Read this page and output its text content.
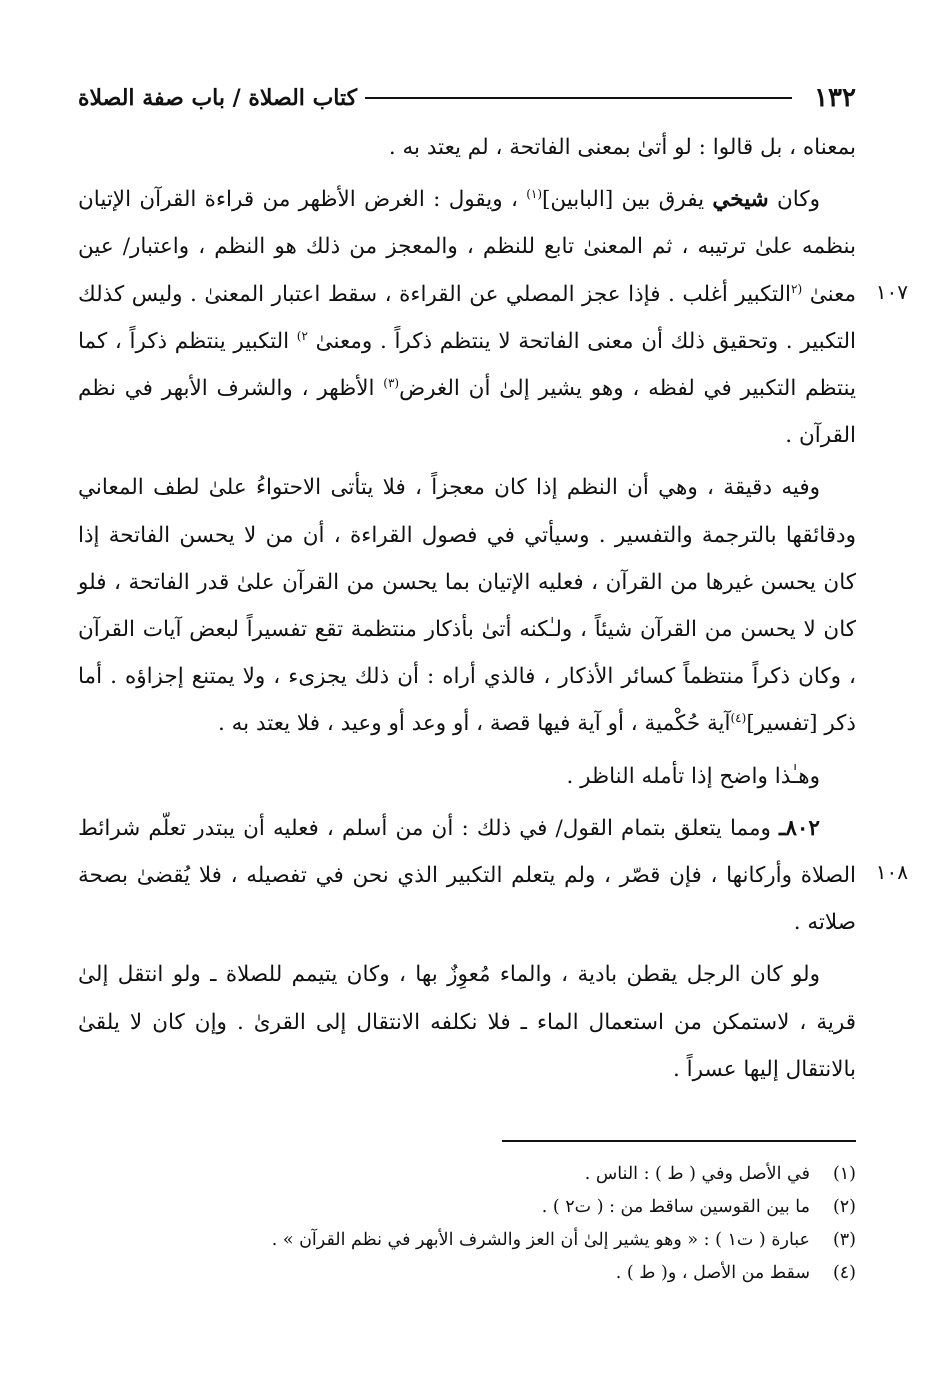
١٣٢
كتاب الصلاة / باب صفة الصلاة
١٠٧
١٠٨

بمعناه ، بل قالوا : لو أتىٰ بمعنى الفاتحة ، لم يعتد به .

وكان شيخي يفرق بين [البابين]$^{(١)}$ ، ويقول : الغرض الأظهر من قراءة القرآن الإتيان بنظمه علىٰ ترتيبه ، ثم المعنىٰ تابع للنظم ، والمعجز من ذلك هو النظم ، واعتبار/ عين معنىٰ $^{(٢}$التكبير أغلب . فإذا عجز المصلي عن القراءة ، سقط اعتبار المعنىٰ . وليس كذلك التكبير . وتحقيق ذلك أن معنى الفاتحة لا ينتظم ذكراً . ومعنىٰ $^{٢)}$ التكبير ينتظم ذكراً ، كما ينتظم التكبير في لفظه ، وهو يشير إلىٰ أن الغرض$^{(٣)}$ الأظهر ، والشرف الأبهر في نظم القرآن .

وفيه دقيقة ، وهي أن النظم إذا كان معجزاً ، فلا يتأتى الاحتواءُ علىٰ لطف المعاني ودقائقها بالترجمة والتفسير . وسيأتي في فصول القراءة ، أن من لا يحسن الفاتحة إذا كان يحسن غيرها من القرآن ، فعليه الإتيان بما يحسن من القرآن علىٰ قدر الفاتحة ، فلو كان لا يحسن من القرآن شيئاً ، ولـٰكنه أتىٰ بأذكار منتظمة تقع تفسيراً لبعض آيات القرآن ، وكان ذكراً منتظماً كسائر الأذكار ، فالذي أراه : أن ذلك يجزىء ، ولا يمتنع إجزاؤه . أما ذكر [تفسير]$^{(٤)}$آية حُكْمية ، أو آية فيها قصة ، أو وعد أو وعيد ، فلا يعتد به .

وهـٰذا واضح إذا تأمله الناظر .

٨٠٢ـ ومما يتعلق بتمام القول/ في ذلك : أن من أسلم ، فعليه أن يبتدر تعلّم شرائط الصلاة وأركانها ، فإن قصّر ، ولم يتعلم التكبير الذي نحن في تفصيله ، فلا يُقضىٰ بصحة صلاته .

ولو كان الرجل يقطن بادية ، والماء مُعوِزٌ بها ، وكان يتيمم للصلاة ـ ولو انتقل إلىٰ قرية ، لاستمكن من استعمال الماء ـ فلا نكلفه الانتقال إلى القرىٰ . وإن كان لا يلقىٰ بالانتقال إليها عسراً .

(١)
في الأصل وفي ( ط ) : الناس .
(٢)
ما بين القوسين ساقط من : ( ت٢ ) .
(٣)
عبارة ( ت١ ) : « وهو يشير إلىٰ أن العز والشرف الأبهر في نظم القرآن » .
(٤)
سقط من الأصل ، و( ط ) .
